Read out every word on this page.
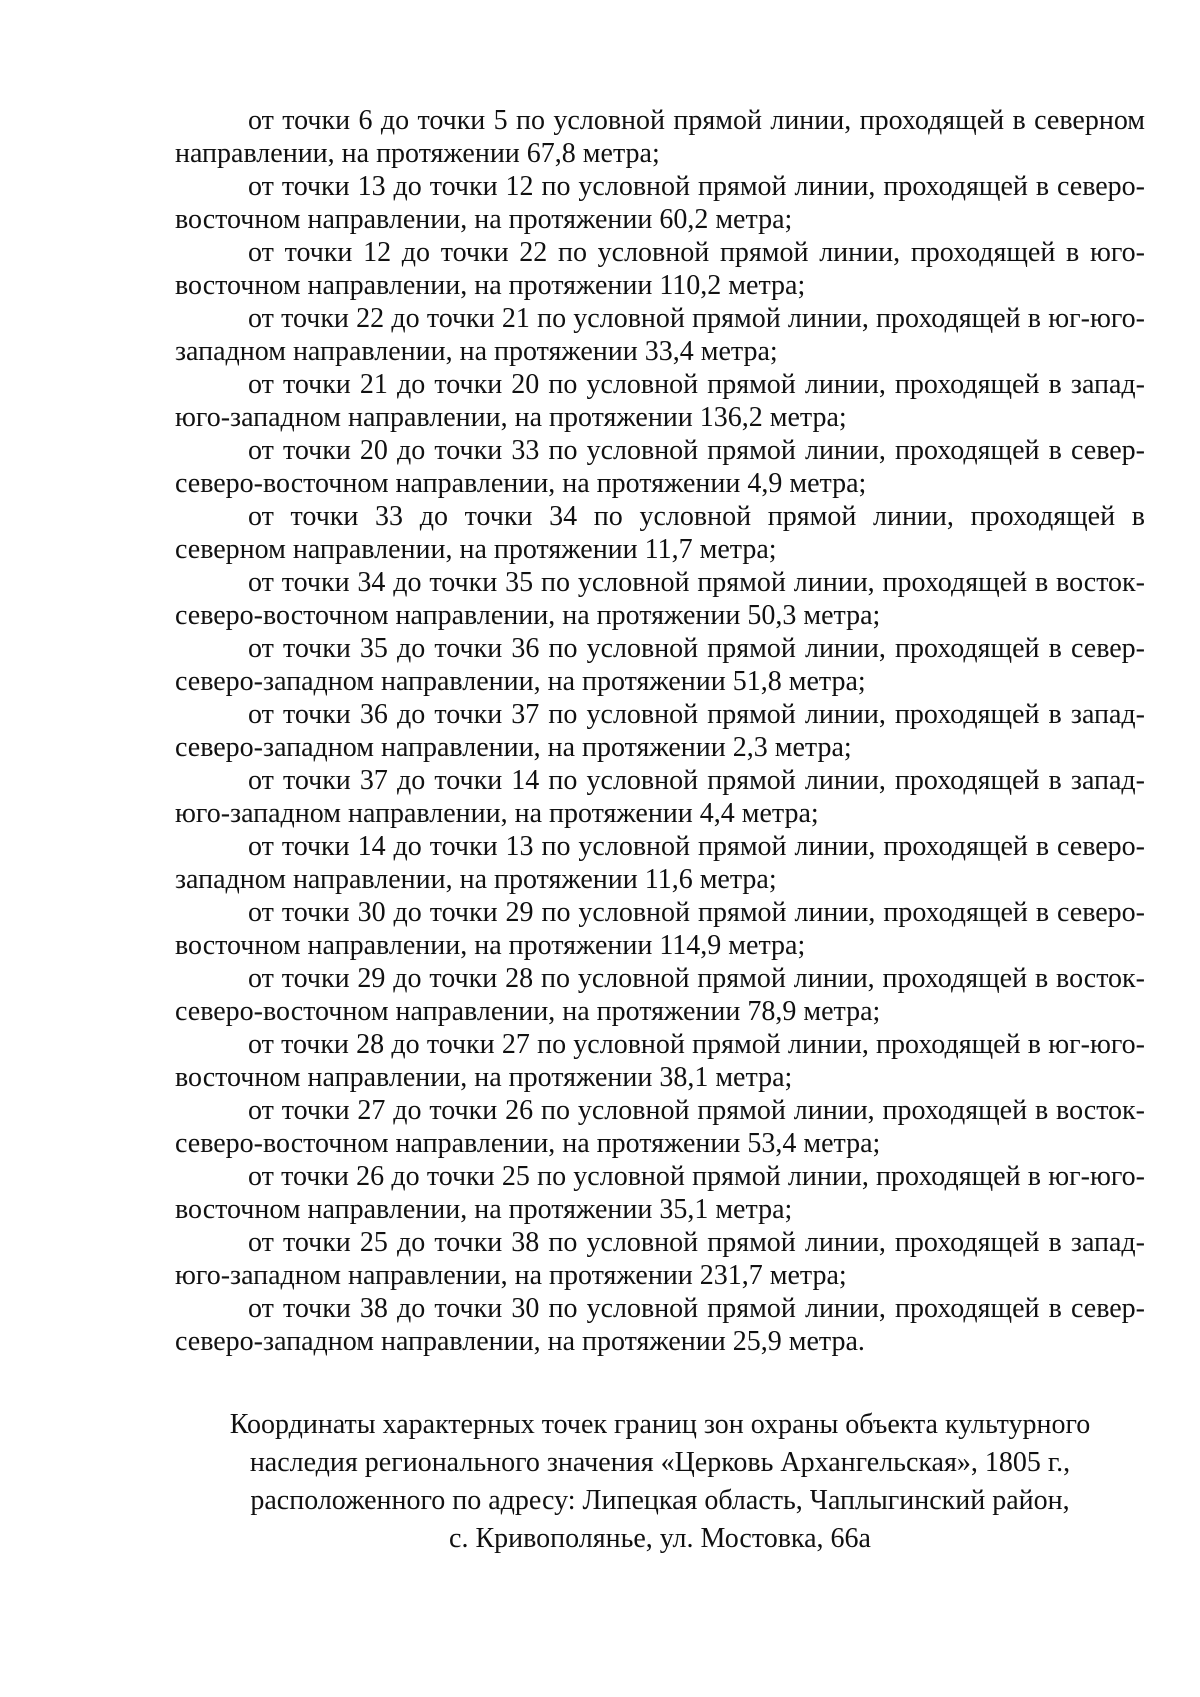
от точки 6 до точки 5 по условной прямой линии, проходящей в северном направлении, на протяжении 67,8 метра;

от точки 13 до точки 12 по условной прямой линии, проходящей в северо-восточном направлении, на протяжении 60,2 метра;

от точки 12 до точки 22 по условной прямой линии, проходящей в юго-восточном направлении, на протяжении 110,2 метра;

от точки 22 до точки 21 по условной прямой линии, проходящей в юг-юго-западном направлении, на протяжении 33,4 метра;

от точки 21 до точки 20 по условной прямой линии, проходящей в запад-юго-западном направлении, на протяжении 136,2 метра;

от точки 20 до точки 33 по условной прямой линии, проходящей в север-северо-восточном направлении, на протяжении 4,9 метра;

от точки 33 до точки 34 по условной прямой линии, проходящей в северном направлении, на протяжении 11,7 метра;

от точки 34 до точки 35 по условной прямой линии, проходящей в восток-северо-восточном направлении, на протяжении 50,3 метра;

от точки 35 до точки 36 по условной прямой линии, проходящей в север-северо-западном направлении, на протяжении 51,8 метра;

от точки 36 до точки 37 по условной прямой линии, проходящей в запад-северо-западном направлении, на протяжении 2,3 метра;

от точки 37 до точки 14 по условной прямой линии, проходящей в запад-юго-западном направлении, на протяжении 4,4 метра;

от точки 14 до точки 13 по условной прямой линии, проходящей в северо-западном направлении, на протяжении 11,6 метра;

от точки 30 до точки 29 по условной прямой линии, проходящей в северо-восточном направлении, на протяжении 114,9 метра;

от точки 29 до точки 28 по условной прямой линии, проходящей в восток-северо-восточном направлении, на протяжении 78,9 метра;

от точки 28 до точки 27 по условной прямой линии, проходящей в юг-юго-восточном направлении, на протяжении 38,1 метра;

от точки 27 до точки 26 по условной прямой линии, проходящей в восток-северо-восточном направлении, на протяжении 53,4 метра;

от точки 26 до точки 25 по условной прямой линии, проходящей в юг-юго-восточном направлении, на протяжении 35,1 метра;

от точки 25 до точки 38 по условной прямой линии, проходящей в запад-юго-западном направлении, на протяжении 231,7 метра;

от точки 38 до точки 30 по условной прямой линии, проходящей в север-северо-западном направлении, на протяжении 25,9 метра.

Координаты характерных точек границ зон охраны объекта культурного
наследия регионального значения «Церковь Архангельская», 1805 г.,
расположенного по адресу: Липецкая область, Чаплыгинский район,
с. Кривополянье, ул. Мостовка, 66а
